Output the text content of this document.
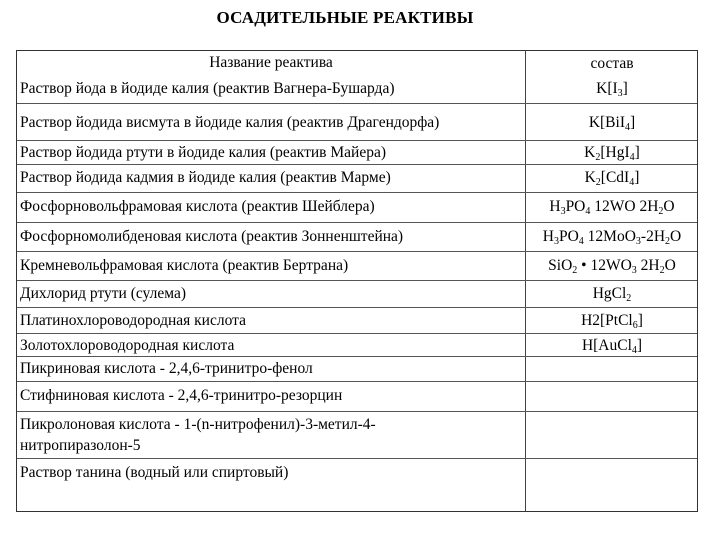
ОСАДИТЕЛЬНЫЕ РЕАКТИВЫ
Название реактива	состав
Раствор йода в йодиде калия (реактив Вагнера-Бушарда)	$K[I_3]$
Раствор йодида висмута в йодиде калия (реактив Драгендорфа)	K[BiI$_4$]
Раствор йодида ртути в йодиде калия (реактив Майера)	$K_2[HgI_4]$
Раствор йодида кадмия в йодиде калия (реактив Марме)	$K_2[CdI_4]$
Фосфорновольфрамовая кислота (реактив Шейблера)	$H_3PO_4$ 12WO $2H_2O$
Фосфорномолибденовая кислота (реактив Зонненштейна)	$H_3PO_4$ $12MoO_3-2H_2O$
Кремневольфрамовая кислота (реактив Бертрана)	SiO$_2$ • $12WO_3$ $2H_2O$
Дихлорид ртути (сулема)	HgCl$_2$
Платинохлороводородная кислота	H2[PtCl$_6$]
Золотохлороводородная кислота	H[AuCl$_4$]
Пикриновая кислота - 2,4,6-тринитро-фенол
Стифниновая кислота - 2,4,6-тринитро-резорцин
Пикролоновая кислота - 1-(n-нитрофенил)-3-метил-4-
нитропиразолон-5
Раствор танина (водный или спиртовый)
